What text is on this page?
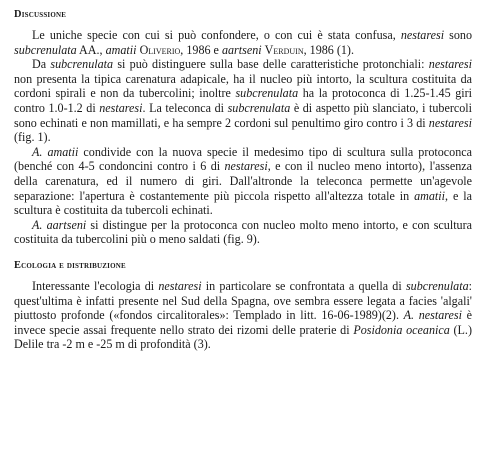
Discussione

Le uniche specie con cui si può confondere, o con cui è stata confusa, nestaresi sono subcrenulata AA., amatii Oliverio, 1986 e aartseni Verduin, 1986 (1).

Da subcrenulata si può distinguere sulla base delle caratteristiche protonchiali: nestaresi non presenta la tipica carenatura adapicale, ha il nucleo più intorto, la scultura costituita da cordoni spirali e non da tubercolini; inoltre subcrenulata ha la protoconca di 1.25-1.45 giri contro 1.0-1.2 di nestaresi. La teleconca di subcrenulata è di aspetto più slanciato, i tubercoli sono echinati e non mamillati, e ha sempre 2 cordoni sul penultimo giro contro i 3 di nestaresi (fig. 1).

A. amatii condivide con la nuova specie il medesimo tipo di scultura sulla protoconca (benché con 4-5 condoncini contro i 6 di nestaresi, e con il nucleo meno intorto), l'assenza della carenatura, ed il numero di giri. Dall'altronde la teleconca permette un'agevole separazione: l'apertura è costantemente più piccola rispetto all'altezza totale in amatii, e la scultura è costituita da tubercoli echinati.

A. aartseni si distingue per la protoconca con nucleo molto meno intorto, e con scultura costituita da tubercolini più o meno saldati (fig. 9).

Ecologia e distribuzione

Interessante l'ecologia di nestaresi in particolare se confrontata a quella di subcrenulata: quest'ultima è infatti presente nel Sud della Spagna, ove sembra essere legata a facies 'algali' piuttosto profonde («fondos circalitorales»: Templado in litt. 16-06-1989)(2). A. nestaresi è invece specie assai frequente nello strato dei rizomi delle praterie di Posidonia oceanica (L.) Delile tra -2 m e -25 m di profondità (3).
